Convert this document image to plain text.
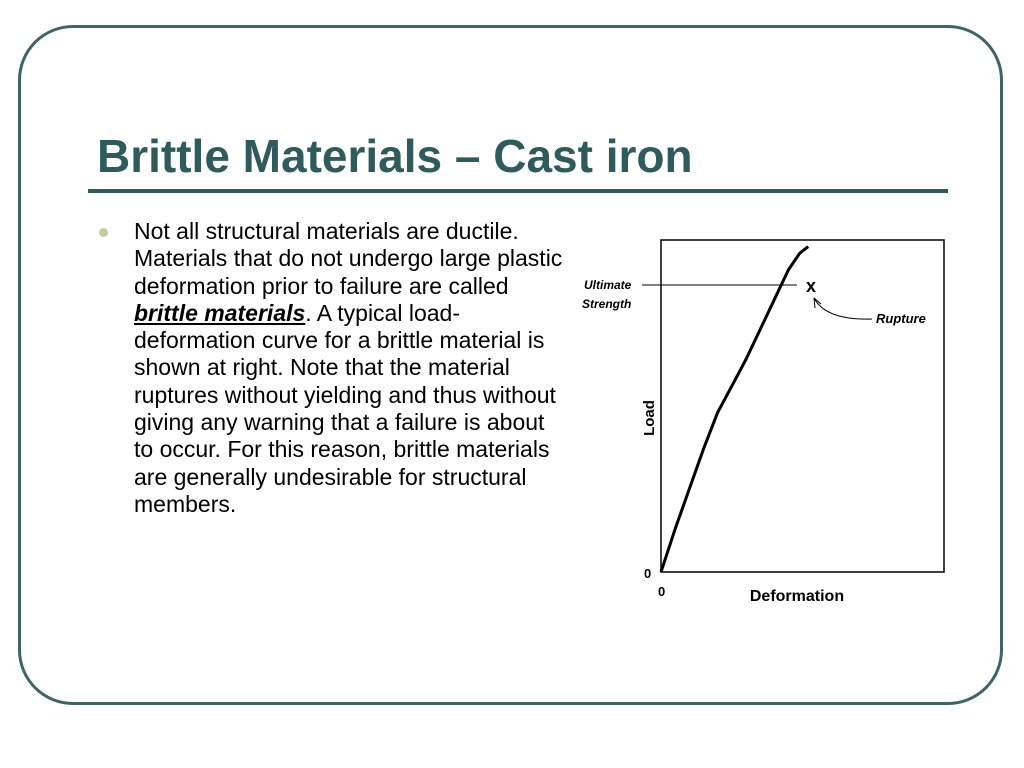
Brittle Materials – Cast iron

Not all structural materials are ductile. Materials that do not undergo large plastic deformation prior to failure are called brittle materials. A typical load-deformation curve for a brittle material is shown at right. Note that the material ruptures without yielding and thus without giving any warning that a failure is about to occur. For this reason, brittle materials are generally undesirable for structural members.

Ultimate
Strength
x
Rupture
Load
Deformation
0
0
